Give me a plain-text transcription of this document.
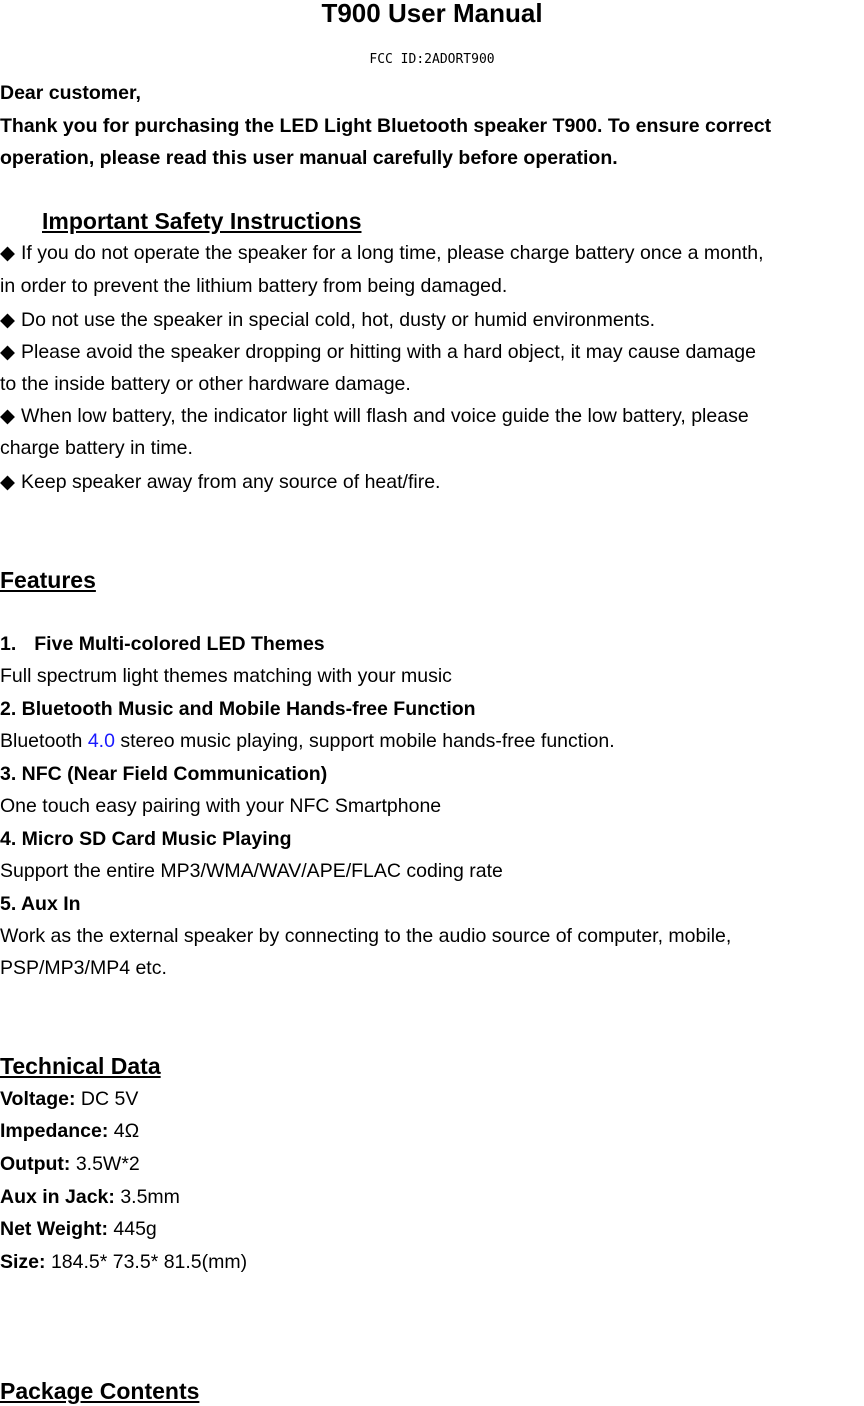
T900 User Manual
FCC ID:2ADORT900
Dear customer,
Thank you for purchasing the LED Light Bluetooth speaker T900. To ensure correct
operation, please read this user manual carefully before operation.
Important Safety Instructions
◆ If you do not operate the speaker for a long time, please charge battery once a month,
in order to prevent the lithium battery from being damaged.
◆ Do not use the speaker in special cold, hot, dusty or humid environments.
◆ Please avoid the speaker dropping or hitting with a hard object, it may cause damage
to the inside battery or other hardware damage.
◆ When low battery, the indicator light will flash and voice guide the low battery, please
charge battery in time.
◆ Keep speaker away from any source of heat/fire.
Features
1. Five Multi-colored LED Themes
Full spectrum light themes matching with your music
2. Bluetooth Music and Mobile Hands-free Function
Bluetooth 4.0 stereo music playing, support mobile hands-free function.
3. NFC (Near Field Communication)
One touch easy pairing with your NFC Smartphone
4. Micro SD Card Music Playing
Support the entire MP3/WMA/WAV/APE/FLAC coding rate
5. Aux In
Work as the external speaker by connecting to the audio source of computer, mobile,
PSP/MP3/MP4 etc.
Technical Data
Voltage: DC 5V
Impedance: 4Ω
Output: 3.5W*2
Aux in Jack: 3.5mm
Net Weight: 445g
Size: 184.5* 73.5* 81.5(mm)
Package Contents
